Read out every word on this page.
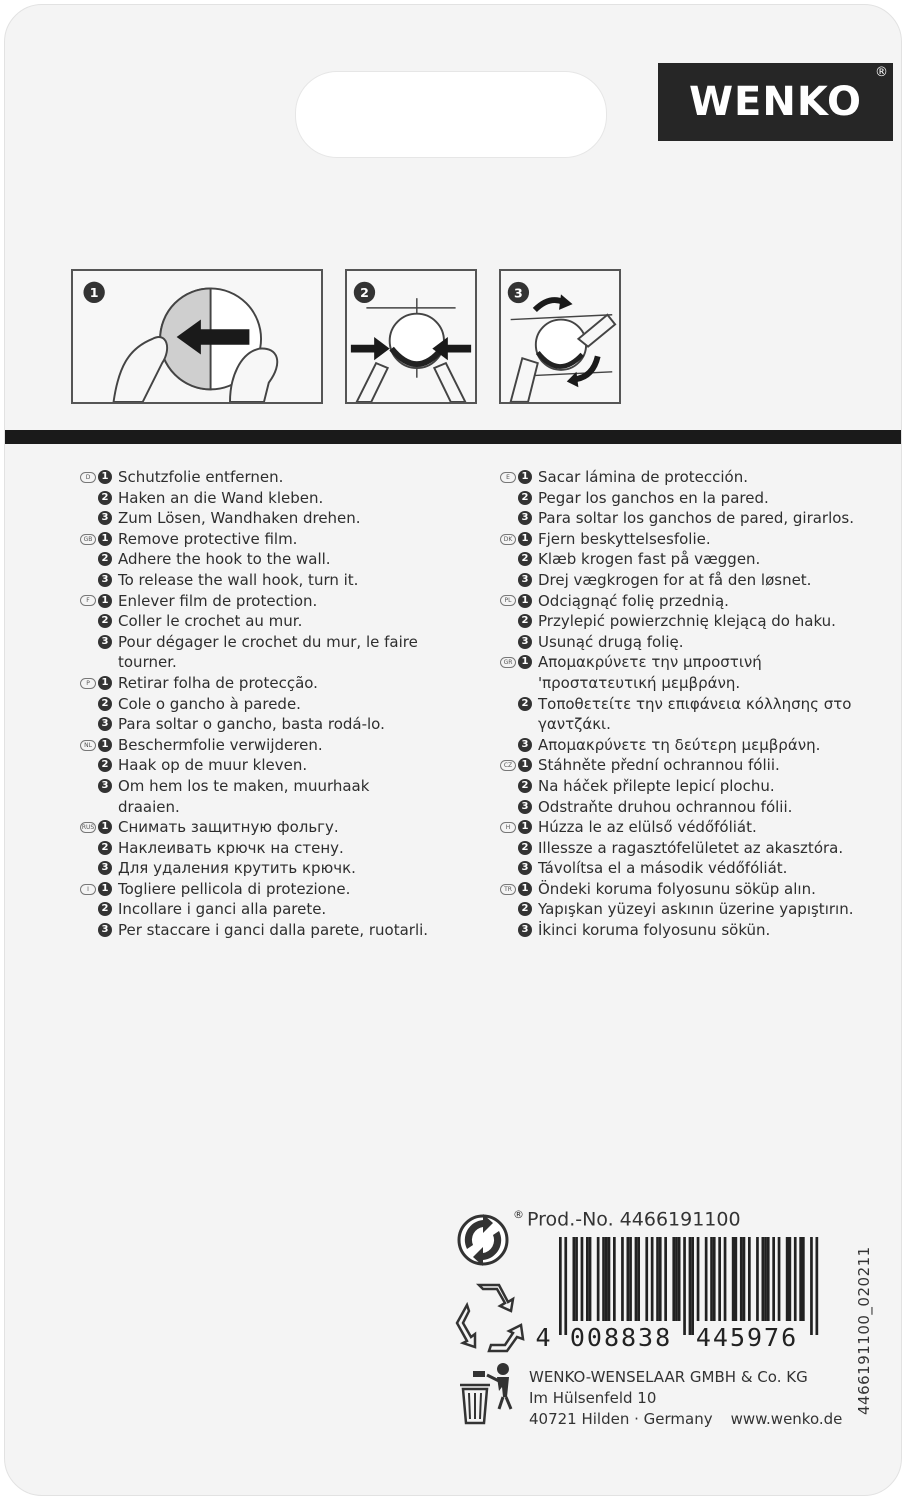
WENKO
®
1	2	3
D	1 Schutzfolie entfernen.
2 Haken an die Wand kleben.
3 Zum Lösen, Wandhaken drehen.
GB 1 Remove protective film.
2 Adhere the hook to the wall.
3 To release the wall hook, turn it.
F	1 Enlever film de protection.
2 Coller le crochet au mur.
3 Pour dégager le crochet du mur, le faire
tourner.
P	1 Retirar folha de protecção.
2 Cole o gancho à parede.
3 Para soltar o gancho, basta rodá-lo.
NL 1 Beschermfolie verwijderen.
2 Haak op de muur kleven.
3 Om hem los te maken, muurhaak
draaien.
RUS 1 Снимать защитную фольгу.
2 Наклеивать крючк на стену.
3 Для удаления крутить крючк.
I	1 Togliere pellicola di protezione.
2 Incollare i ganci alla parete.
3 Per staccare i ganci dalla parete, ruotarli.
E	1 Sacar lámina de protección.
2 Pegar los ganchos en la pared.
3 Para soltar los ganchos de pared, girarlos.
DK 1 Fjern beskyttelsesfolie.
2 Klæb krogen fast på væggen.
3 Drej vægkrogen for at få den løsnet.
PL	1 Odciągnąć folię przednią.
2 Przylepić powierzchnię klejącą do haku.
3 Usunąć drugą folię.
GR 1 Απομακρύνετε την μπροστινή
'προστατευτική μεμβράνη.
2 Τοποθετείτε την επιφάνεια κόλλησης στο
γαντζάκι.
3 Απομακρύνετε τη δεύτερη μεμβράνη.
CZ 1 Stáhněte přední ochrannou fólii.
2 Na háček přilepte lepicí plochu.
3 Odstraňte druhou ochrannou fólii.
H	1 Húzza le az elülső védőfóliát.
2 Illessze a ragasztófelületet az akasztóra.
3 Távolítsa el a második védőfóliát.
TR 1 Öndeki koruma folyosunu söküp alın.
2 Yapışkan yüzeyi askının üzerine yapıştırın.
3 İkinci koruma folyosunu sökün.
® Prod.-No. 4466191100
4 008838 445976	4466191100_020211
WENKO-WENSELAAR GMBH & Co. KG
Im Hülsenfeld 10
40721 Hilden · Germany www.wenko.de
